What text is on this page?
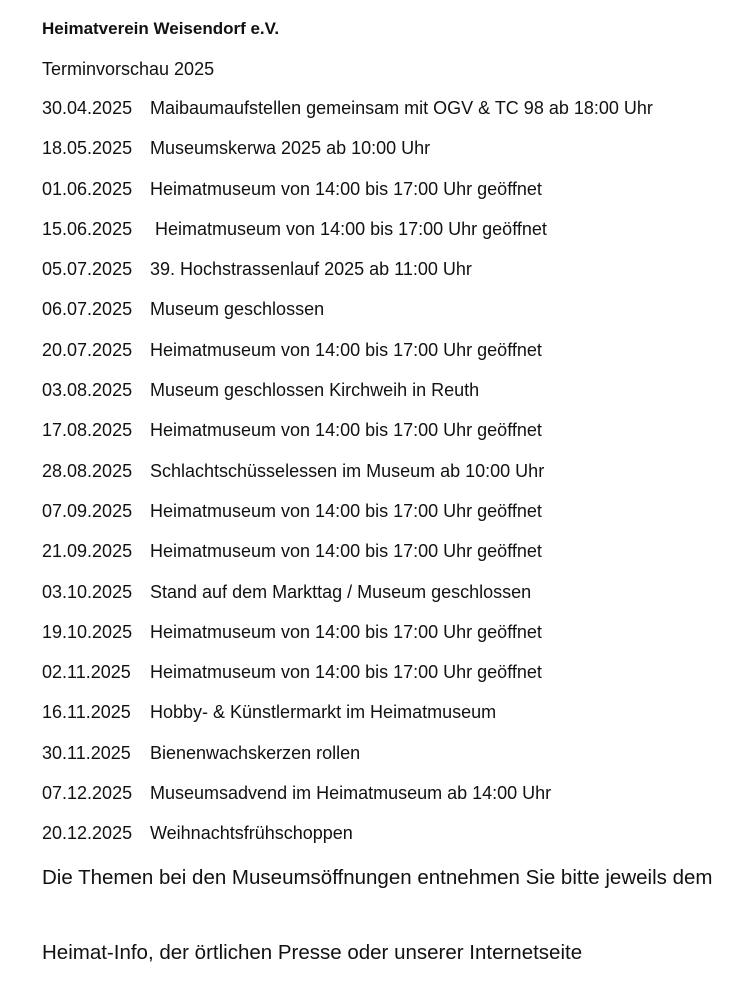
Heimatverein Weisendorf e.V.
Terminvorschau 2025
30.04.2025 Maibaumaufstellen gemeinsam mit OGV & TC 98 ab 18:00 Uhr
18.05.2025 Museumskerwa 2025 ab 10:00 Uhr
01.06.2025 Heimatmuseum von 14:00 bis 17:00 Uhr geöffnet
15.06.2025 Heimatmuseum von 14:00 bis 17:00 Uhr geöffnet
05.07.2025 39. Hochstrassenlauf 2025 ab 11:00 Uhr
06.07.2025 Museum geschlossen
20.07.2025 Heimatmuseum von 14:00 bis 17:00 Uhr geöffnet
03.08.2025 Museum geschlossen Kirchweih in Reuth
17.08.2025 Heimatmuseum von 14:00 bis 17:00 Uhr geöffnet
28.08.2025 Schlachtschüsselessen im Museum ab 10:00 Uhr
07.09.2025 Heimatmuseum von 14:00 bis 17:00 Uhr geöffnet
21.09.2025 Heimatmuseum von 14:00 bis 17:00 Uhr geöffnet
03.10.2025 Stand auf dem Markttag / Museum geschlossen
19.10.2025 Heimatmuseum von 14:00 bis 17:00 Uhr geöffnet
02.11.2025	Heimatmuseum von 14:00 bis 17:00 Uhr geöffnet
16.11.2025	Hobby- & Künstlermarkt im Heimatmuseum
30.11.2025	Bienenwachskerzen rollen
07.12.2025 Museumsadvend im Heimatmuseum ab 14:00 Uhr
20.12.2025 Weihnachtsfrühschoppen
Die Themen bei den Museumsöffnungen entnehmen Sie bitte jeweils dem
Heimat-Info, der örtlichen Presse oder unserer Internetseite
